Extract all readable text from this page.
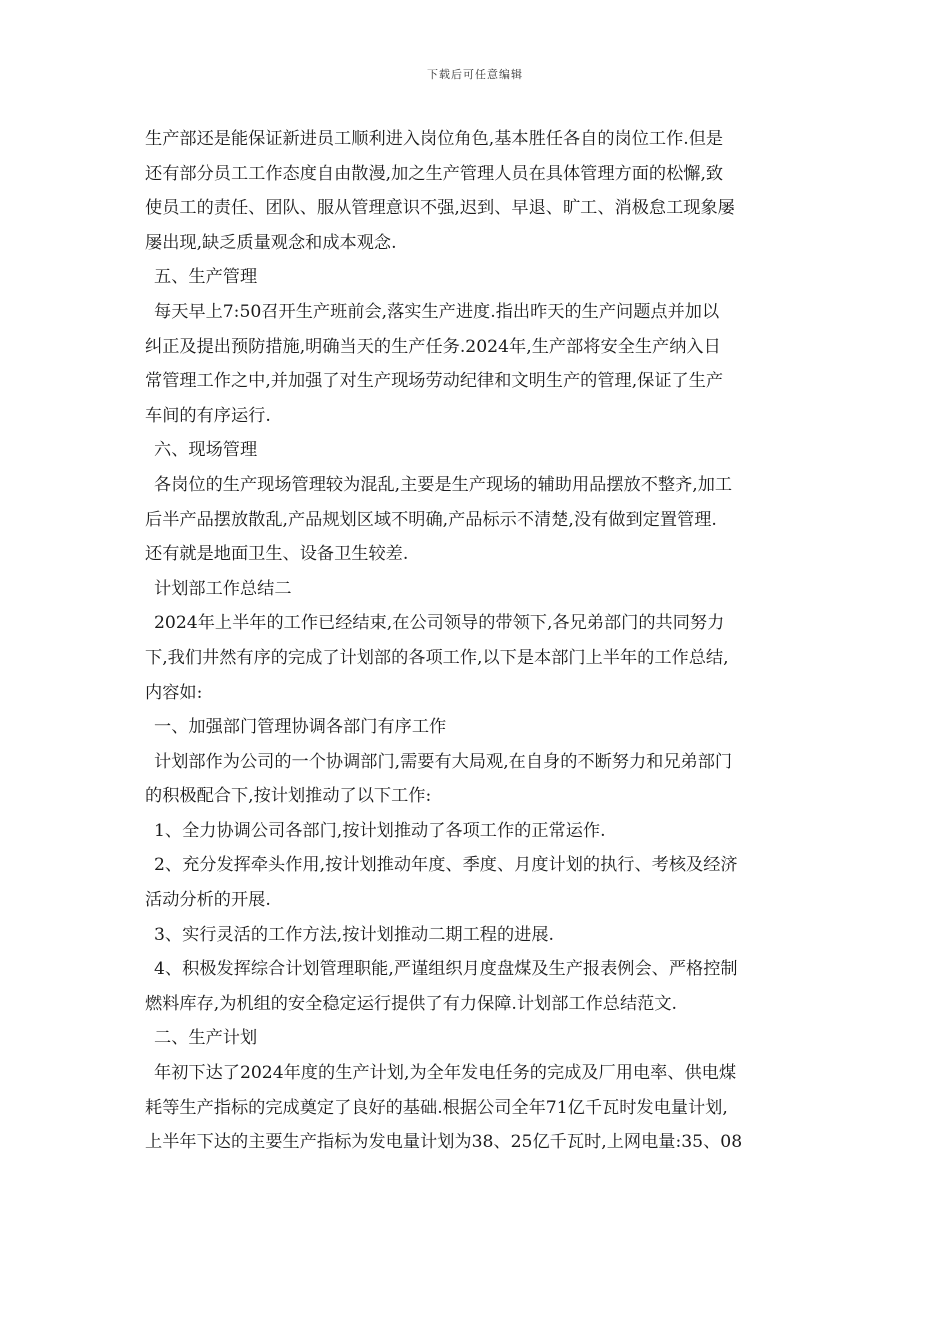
下载后可任意编辑
生产部还是能保证新进员工顺利进入岗位角色,基本胜任各自的岗位工作.但是
还有部分员工工作态度自由散漫,加之生产管理人员在具体管理方面的松懈,致
使员工的责任、团队、服从管理意识不强,迟到、早退、旷工、消极怠工现象屡
屡出现,缺乏质量观念和成本观念.
五、生产管理
每天早上7:50召开生产班前会,落实生产进度.指出昨天的生产问题点并加以
纠正及提出预防措施,明确当天的生产任务.2024年,生产部将安全生产纳入日
常管理工作之中,并加强了对生产现场劳动纪律和文明生产的管理,保证了生产
车间的有序运行.
六、现场管理
各岗位的生产现场管理较为混乱,主要是生产现场的辅助用品摆放不整齐,加工
后半产品摆放散乱,产品规划区域不明确,产品标示不清楚,没有做到定置管理.
还有就是地面卫生、设备卫生较差.
计划部工作总结二
2024年上半年的工作已经结束,在公司领导的带领下,各兄弟部门的共同努力
下,我们井然有序的完成了计划部的各项工作,以下是本部门上半年的工作总结,
内容如:
一、加强部门管理协调各部门有序工作
计划部作为公司的一个协调部门,需要有大局观,在自身的不断努力和兄弟部门
的积极配合下,按计划推动了以下工作:
1、全力协调公司各部门,按计划推动了各项工作的正常运作.
2、充分发挥牵头作用,按计划推动年度、季度、月度计划的执行、考核及经济
活动分析的开展.
3、实行灵活的工作方法,按计划推动二期工程的进展.
4、积极发挥综合计划管理职能,严谨组织月度盘煤及生产报表例会、严格控制
燃料库存,为机组的安全稳定运行提供了有力保障.计划部工作总结范文.
二、生产计划
年初下达了2024年度的生产计划,为全年发电任务的完成及厂用电率、供电煤
耗等生产指标的完成奠定了良好的基础.根据公司全年71亿千瓦时发电量计划,
上半年下达的主要生产指标为发电量计划为38、25亿千瓦时,上网电量:35、08
